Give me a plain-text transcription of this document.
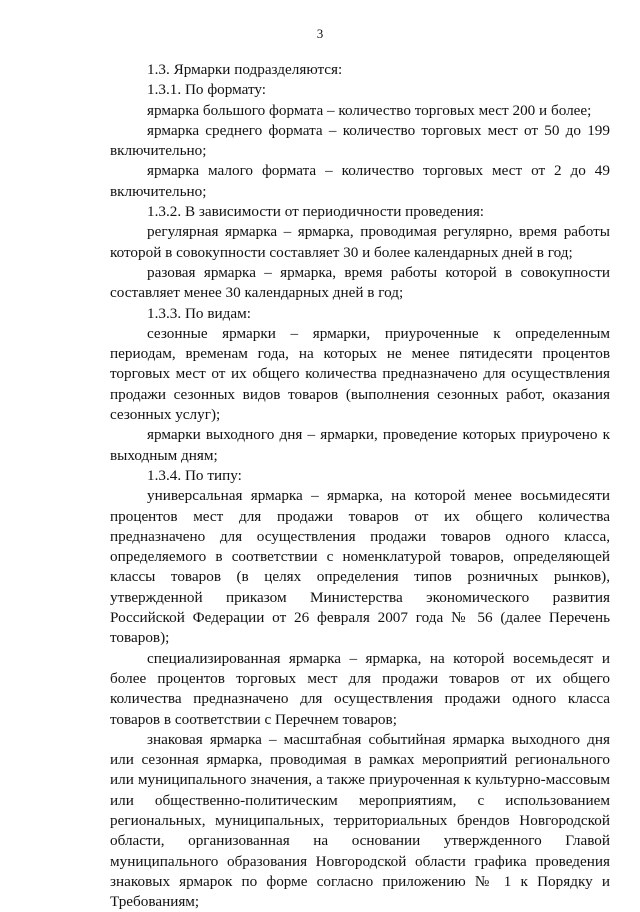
3

1.3. Ярмарки подразделяются:

1.3.1. По формату:

ярмарка большого формата – количество торговых мест 200 и более;

ярмарка среднего формата – количество торговых мест от 50 до 199 включительно;

ярмарка малого формата – количество торговых мест от 2 до 49 включительно;

1.3.2. В зависимости от периодичности проведения:

регулярная ярмарка – ярмарка, проводимая регулярно, время работы которой в совокупности составляет 30 и более календарных дней в год;

разовая ярмарка – ярмарка, время работы которой в совокупности составляет менее 30 календарных дней в год;

1.3.3. По видам:

сезонные ярмарки – ярмарки, приуроченные к определенным периодам, временам года, на которых не менее пятидесяти процентов торговых мест от их общего количества предназначено для осуществления продажи сезонных видов товаров (выполнения сезонных работ, оказания сезонных услуг);

ярмарки выходного дня – ярмарки, проведение которых приурочено к выходным дням;

1.3.4. По типу:

универсальная ярмарка – ярмарка, на которой менее восьмидесяти процентов мест для продажи товаров от их общего количества предназначено для осуществления продажи товаров одного класса, определяемого в соответствии с номенклатурой товаров, определяющей классы товаров (в целях определения типов розничных рынков), утвержденной приказом Министерства экономического развития Российской Федерации от 26 февраля 2007 года № 56 (далее Перечень товаров);

специализированная ярмарка – ярмарка, на которой восемьдесят и более процентов торговых мест для продажи товаров от их общего количества предназначено для осуществления продажи одного класса товаров в соответствии с Перечнем товаров;

знаковая ярмарка – масштабная событийная ярмарка выходного дня или сезонная ярмарка, проводимая в рамках мероприятий регионального или муниципального значения, а также приуроченная к культурно-массовым или общественно-политическим мероприятиям, с использованием региональных, муниципальных, территориальных брендов Новгородской области, организованная на основании утвержденного Главой муниципального образования Новгородской области графика проведения знаковых ярмарок по форме согласно приложению № 1 к Порядку и Требованиям;
